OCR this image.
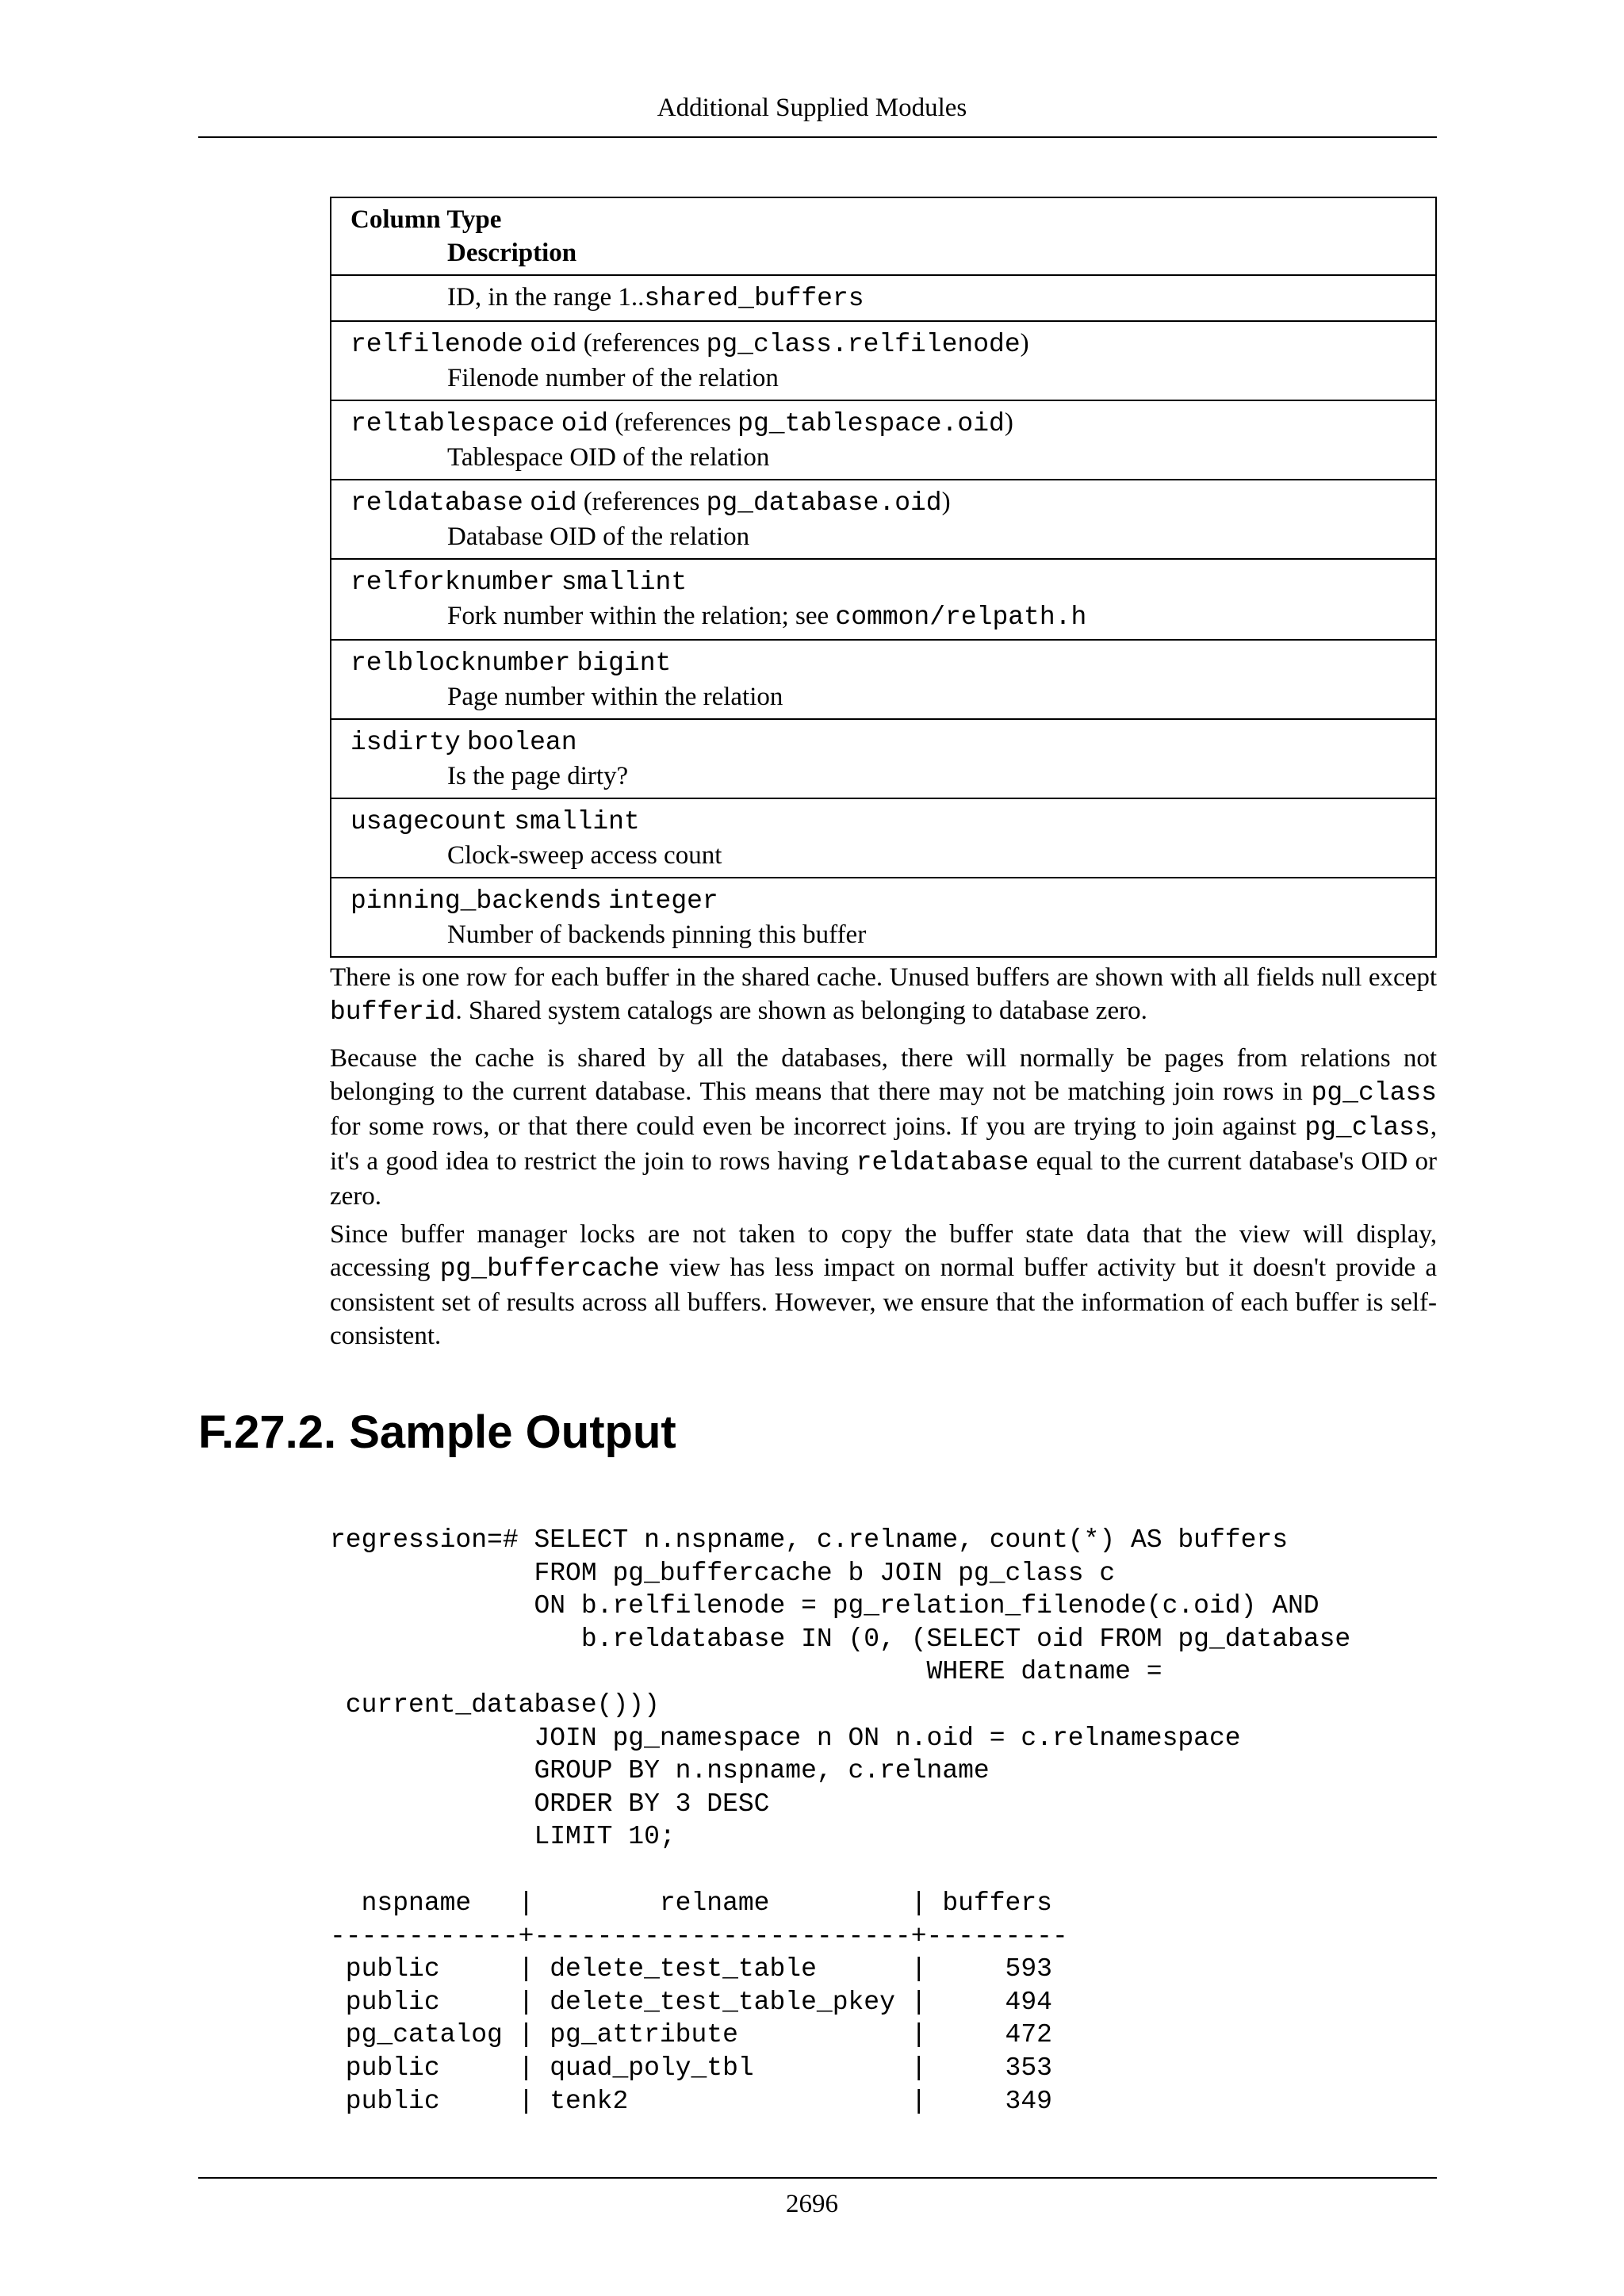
Additional Supplied Modules
Column Type
Description

ID, in the range 1..shared_buffers

relfilenode oid (references pg_class.relfilenode)
Filenode number of the relation

reltablespace oid (references pg_tablespace.oid)
Tablespace OID of the relation

reldatabase oid (references pg_database.oid)
Database OID of the relation

relforknumber smallint
Fork number within the relation; see common/relpath.h

relblocknumber bigint
Page number within the relation

isdirty boolean
Is the page dirty?

usagecount smallint
Clock-sweep access count

pinning_backends integer
Number of backends pinning this buffer
There is one row for each buffer in the shared cache. Unused buffers are shown with all fields null except bufferid. Shared system catalogs are shown as belonging to database zero.
Because the cache is shared by all the databases, there will normally be pages from relations not belonging to the current database. This means that there may not be matching join rows in pg_class for some rows, or that there could even be incorrect joins. If you are trying to join against pg_class, it's a good idea to restrict the join to rows having reldatabase equal to the current database's OID or zero.
Since buffer manager locks are not taken to copy the buffer state data that the view will display, accessing pg_buffercache view has less impact on normal buffer activity but it doesn't provide a consistent set of results across all buffers. However, we ensure that the information of each buffer is self-consistent.
F.27.2. Sample Output
regression=# SELECT n.nspname, c.relname, count(*) AS buffers
FROM pg_buffercache b JOIN pg_class c
ON b.relfilenode = pg_relation_filenode(c.oid) AND
b.reldatabase IN (0, (SELECT oid FROM pg_database
WHERE datname =
current_database()))
JOIN pg_namespace n ON n.oid = c.relnamespace
GROUP BY n.nspname, c.relname
ORDER BY 3 DESC
LIMIT 10;
nspname   |        relname         | buffers
------------+------------------------+---------
public     | delete_test_table      |     593
public     | delete_test_table_pkey |     494
pg_catalog | pg_attribute           |     472
public     | quad_poly_tbl          |     353
public     | tenk2                  |     349
2696
